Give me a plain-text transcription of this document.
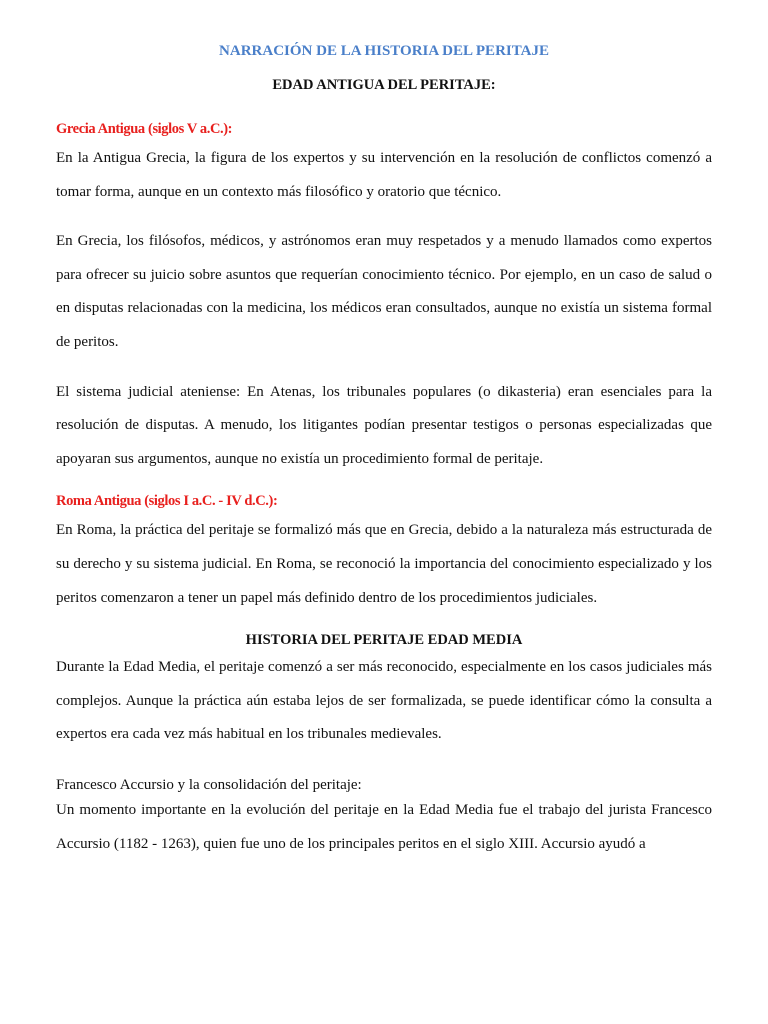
NARRACIÓN DE LA HISTORIA DEL PERITAJE
EDAD ANTIGUA DEL PERITAJE:
Grecia Antigua (siglos V a.C.):

En la Antigua Grecia, la figura de los expertos y su intervención en la resolución de conflictos comenzó a tomar forma, aunque en un contexto más filosófico y oratorio que técnico.

En Grecia, los filósofos, médicos, y astrónomos eran muy respetados y a menudo llamados como expertos para ofrecer su juicio sobre asuntos que requerían conocimiento técnico. Por ejemplo, en un caso de salud o en disputas relacionadas con la medicina, los médicos eran consultados, aunque no existía un sistema formal de peritos.

El sistema judicial ateniense: En Atenas, los tribunales populares (o dikasteria) eran esenciales para la resolución de disputas. A menudo, los litigantes podían presentar testigos o personas especializadas que apoyaran sus argumentos, aunque no existía un procedimiento formal de peritaje.

Roma Antigua (siglos I a.C. - IV d.C.):

En Roma, la práctica del peritaje se formalizó más que en Grecia, debido a la naturaleza más estructurada de su derecho y su sistema judicial. En Roma, se reconoció la importancia del conocimiento especializado y los peritos comenzaron a tener un papel más definido dentro de los procedimientos judiciales.

HISTORIA DEL PERITAJE EDAD MEDIA

Durante la Edad Media, el peritaje comenzó a ser más reconocido, especialmente en los casos judiciales más complejos. Aunque la práctica aún estaba lejos de ser formalizada, se puede identificar cómo la consulta a expertos era cada vez más habitual en los tribunales medievales.

Francesco Accursio y la consolidación del peritaje:

Un momento importante en la evolución del peritaje en la Edad Media fue el trabajo del jurista Francesco Accursio (1182 - 1263), quien fue uno de los principales peritos en el siglo XIII. Accursio ayudó a
